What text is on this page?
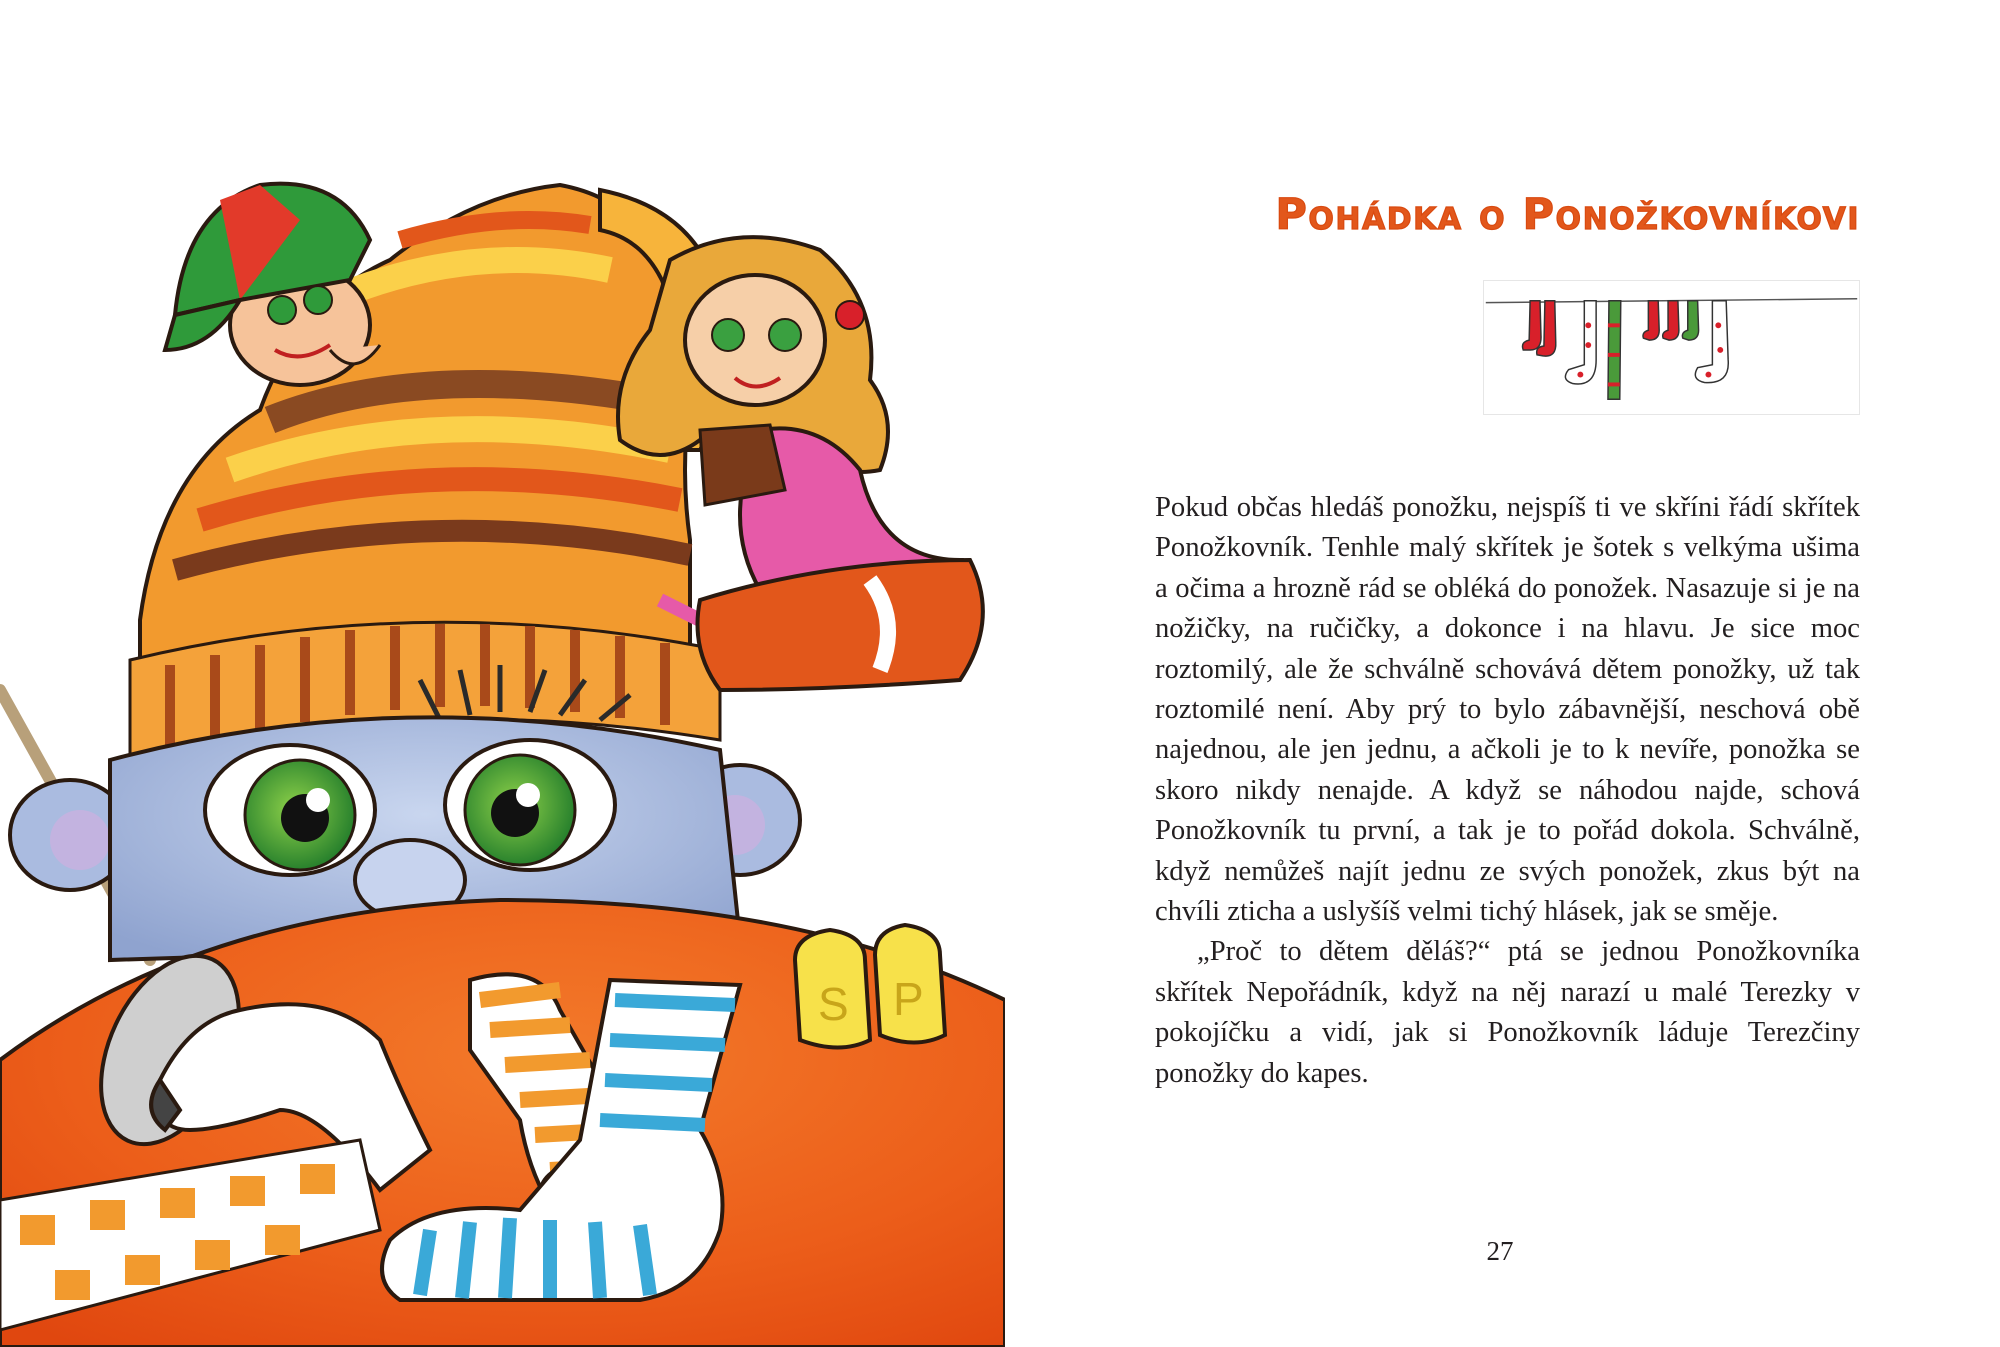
S P
Pohádka o Ponožkovníkovi

Pokud občas hledáš ponožku, nejspíš ti ve skříni řádí skřítek Ponožkovník. Tenhle malý skřítek je šotek s velkýma ušima a očima a hrozně rád se obléká do ponožek. Nasazuje si je na nožičky, na ručičky, a dokonce i na hlavu. Je sice moc roztomilý, ale že schválně schovává dětem ponožky, už tak roztomilé není. Aby prý to bylo zábavnější, neschová obě najednou, ale jen jednu, a ačkoli je to k nevíře, ponožka se skoro nikdy nenajde. A když se náhodou najde, schová Ponožkovník tu první, a tak je to pořád dokola. Schválně, když nemůžeš najít jednu ze svých ponožek, zkus být na chvíli zticha a uslyšíš velmi tichý hlásek, jak se směje.

„Proč to dětem děláš?“ ptá se jednou Ponožkovníka skřítek Nepořádník, když na něj narazí u malé Terezky v pokojíčku a vidí, jak si Ponožkovník láduje Terezčiny ponožky do kapes.

27
